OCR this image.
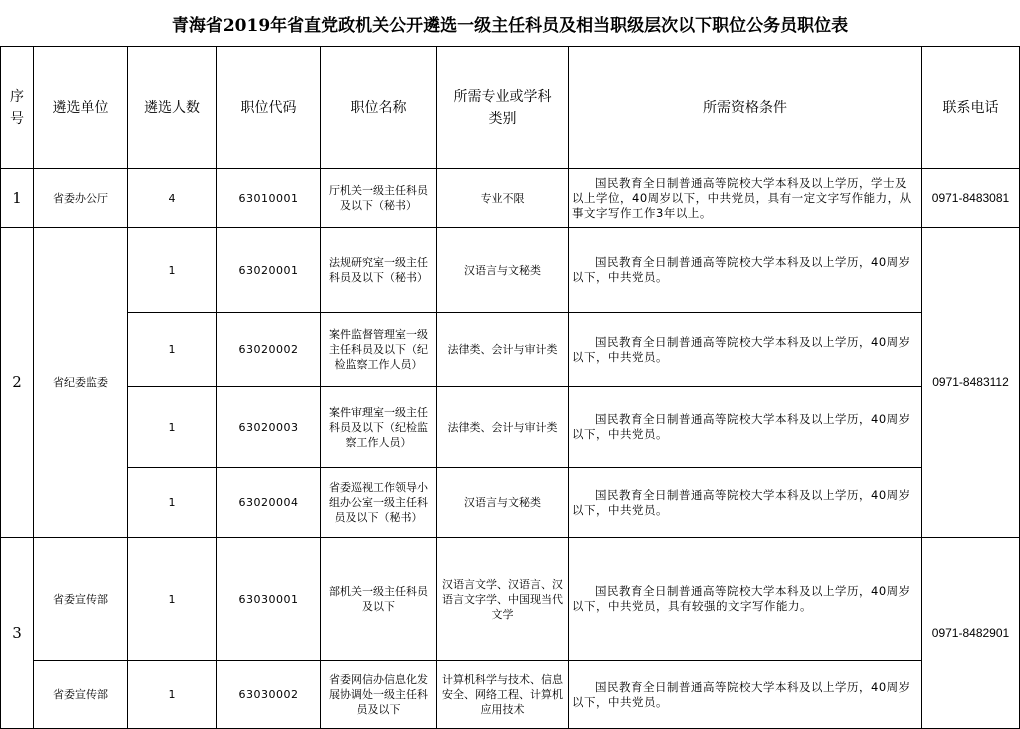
青海省2019年省直党政机关公开遴选一级主任科员及相当职级层次以下职位公务员职位表
序号	遴选单位	遴选人数	职位代码	职位名称	所需专业或学科类别	所需资格条件	联系电话
1	省委办公厅	4	63010001	厅机关一级主任科员及以下（秘书）	专业不限	国民教育全日制普通高等院校大学本科及以上学历，学士及以上学位，40周岁以下，中共党员，具有一定文字写作能力，从事文字写作工作3年以上。	0971-8483081
2	省纪委监委	1	63020001	法规研究室一级主任科员及以下（秘书）	汉语言与文秘类	国民教育全日制普通高等院校大学本科及以上学历，40周岁以下，中共党员。	0971-8483112
		1	63020002	案件监督管理室一级主任科员及以下（纪检监察工作人员）	法律类、会计与审计类	国民教育全日制普通高等院校大学本科及以上学历，40周岁以下，中共党员。	
		1	63020003	案件审理室一级主任科员及以下（纪检监察工作人员）	法律类、会计与审计类	国民教育全日制普通高等院校大学本科及以上学历，40周岁以下，中共党员。	
		1	63020004	省委巡视工作领导小组办公室一级主任科员及以下（秘书）	汉语言与文秘类	国民教育全日制普通高等院校大学本科及以上学历，40周岁以下，中共党员。	
3	省委宣传部	1	63030001	部机关一级主任科员及以下	汉语言文学、汉语言、汉语言文字学、中国现当代文学	国民教育全日制普通高等院校大学本科及以上学历，40周岁以下，中共党员，具有较强的文字写作能力。	0971-8482901
	省委宣传部	1	63030002	省委网信办信息化发展协调处一级主任科员及以下	计算机科学与技术、信息安全、网络工程、计算机应用技术	国民教育全日制普通高等院校大学本科及以上学历，40周岁以下，中共党员。	
